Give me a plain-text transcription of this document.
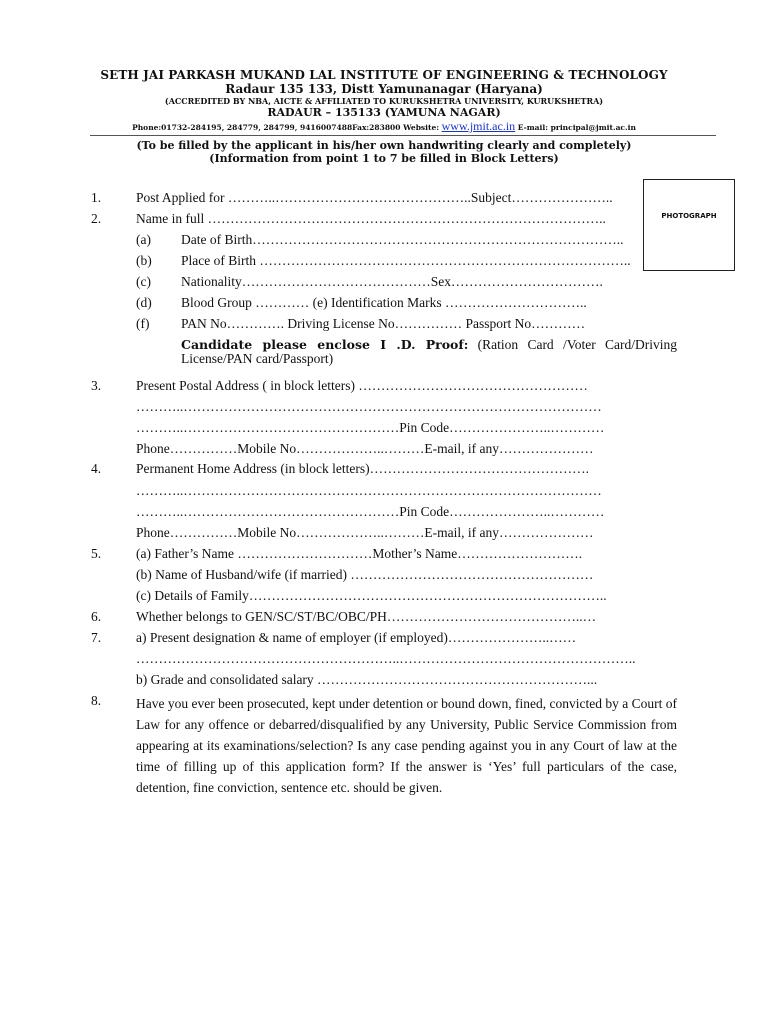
SETH JAI PARKASH MUKAND LAL INSTITUTE OF ENGINEERING & TECHNOLOGY
Radaur 135 133, Distt Yamunanagar (Haryana)
(ACCREDITED BY NBA, AICTE & AFFILIATED TO KURUKSHETRA UNIVERSITY, KURUKSHETRA)
RADAUR – 135133 (YAMUNA NAGAR)
Phone:01732-284195, 284779, 284799, 9416007488Fax:283800 Website: www.jmit.ac.in E-mail: principal@jmit.ac.in
(To be filled by the applicant in his/her own handwriting clearly and completely)
(Information from point 1 to 7 be filled in Block Letters)
PHOTOGRAPH
1.
2.
3.
4.
5.
6.
7.
8.
(a)
(b)
(c)
(d)
(f)
Post Applied for ………..……………………………………..Subject…………………..
Name in full ……………………………………………………………………………..
Date of Birth………………………………………………………………………..
Place of Birth ………………………………………………………………………..
Nationality……………………………………Sex…………………………….
Blood Group ………… (e) Identification Marks …………………………..
PAN No…………. Driving License No…………… Passport No…………
Candidate please enclose I .D. Proof: (Ration Card /Voter Card/Driving License/PAN card/Passport)
Present Postal Address ( in block letters) ……………………………………………
………..…………………………………………………………………………………
………..…………………………………………Pin Code…………………..…………
Phone……………Mobile No………………..………E-mail, if any…………………
Permanent Home Address (in block letters)………………………………………….
………..…………………………………………………………………………………
………..…………………………………………Pin Code…………………..…………
Phone……………Mobile No………………..………E-mail, if any…………………
(a) Father’s Name …………………………Mother’s Name……………………….
(b) Name of Husband/wife (if married) ………………………………………………
(c) Details of Family……………………………………………………………………..
Whether belongs to GEN/SC/ST/BC/OBC/PH……………………………………..…
a) Present designation & name of employer (if employed)…………………..……
…………………………………………………..……………………………………………..
b) Grade and consolidated salary ……………………………………………………...
Have you ever been prosecuted, kept under detention or bound down, fined, convicted by a Court of Law for any offence or debarred/disqualified by any University, Public Service Commission from appearing at its examinations/selection? Is any case pending against you in any Court of law at the time of filling up of this application form? If the answer is ‘Yes’ full particulars of the case, detention, fine conviction, sentence etc. should be given.
